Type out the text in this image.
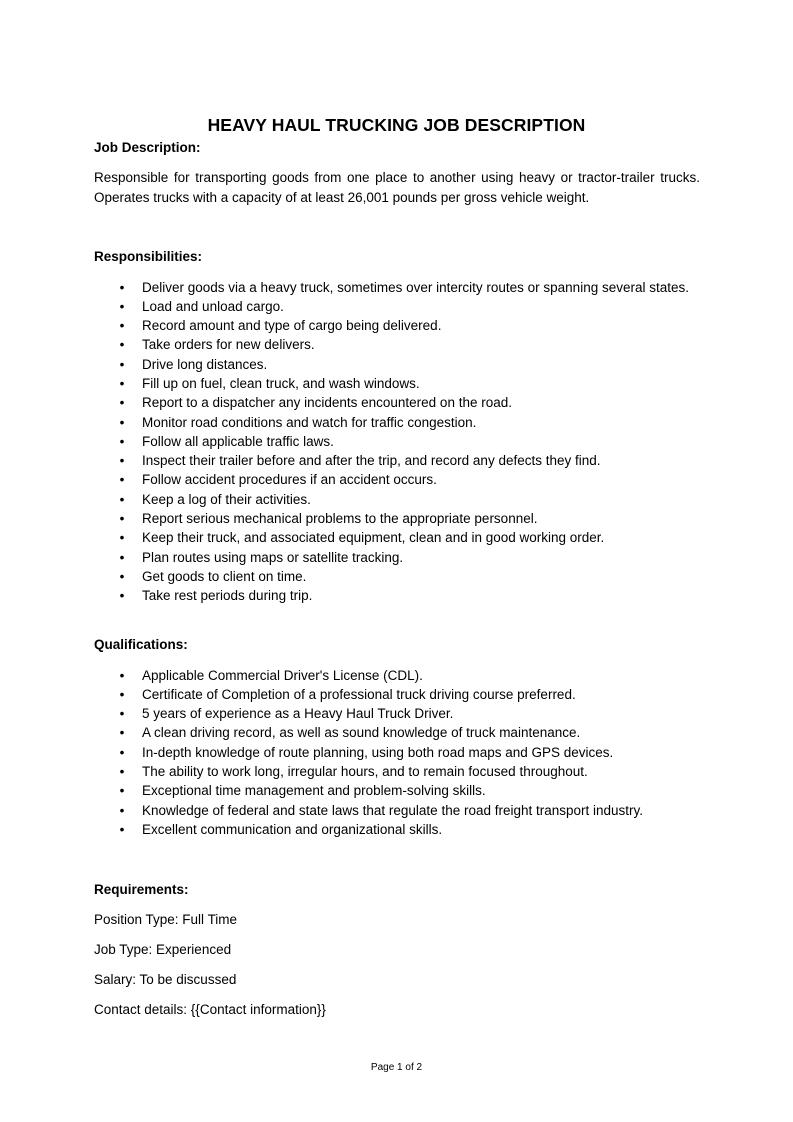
HEAVY HAUL TRUCKING JOB DESCRIPTION
Job Description:
Responsible for transporting goods from one place to another using heavy or tractor-trailer trucks.
Operates trucks with a capacity of at least 26,001 pounds per gross vehicle weight.
Responsibilities:
• Deliver goods via a heavy truck, sometimes over intercity routes or spanning several states.
• Load and unload cargo.
• Record amount and type of cargo being delivered.
• Take orders for new delivers.
• Drive long distances.
• Fill up on fuel, clean truck, and wash windows.
• Report to a dispatcher any incidents encountered on the road.
• Monitor road conditions and watch for traffic congestion.
• Follow all applicable traffic laws.
• Inspect their trailer before and after the trip, and record any defects they find.
• Follow accident procedures if an accident occurs.
• Keep a log of their activities.
• Report serious mechanical problems to the appropriate personnel.
• Keep their truck, and associated equipment, clean and in good working order.
• Plan routes using maps or satellite tracking.
• Get goods to client on time.
• Take rest periods during trip.
Qualifications:
• Applicable Commercial Driver's License (CDL).
• Certificate of Completion of a professional truck driving course preferred.
• 5 years of experience as a Heavy Haul Truck Driver.
• A clean driving record, as well as sound knowledge of truck maintenance.
• In-depth knowledge of route planning, using both road maps and GPS devices.
• The ability to work long, irregular hours, and to remain focused throughout.
• Exceptional time management and problem-solving skills.
• Knowledge of federal and state laws that regulate the road freight transport industry.
• Excellent communication and organizational skills.
Requirements:
Position Type: Full Time
Job Type: Experienced
Salary: To be discussed
Contact details: {{Contact information}}
Page 1 of 2
